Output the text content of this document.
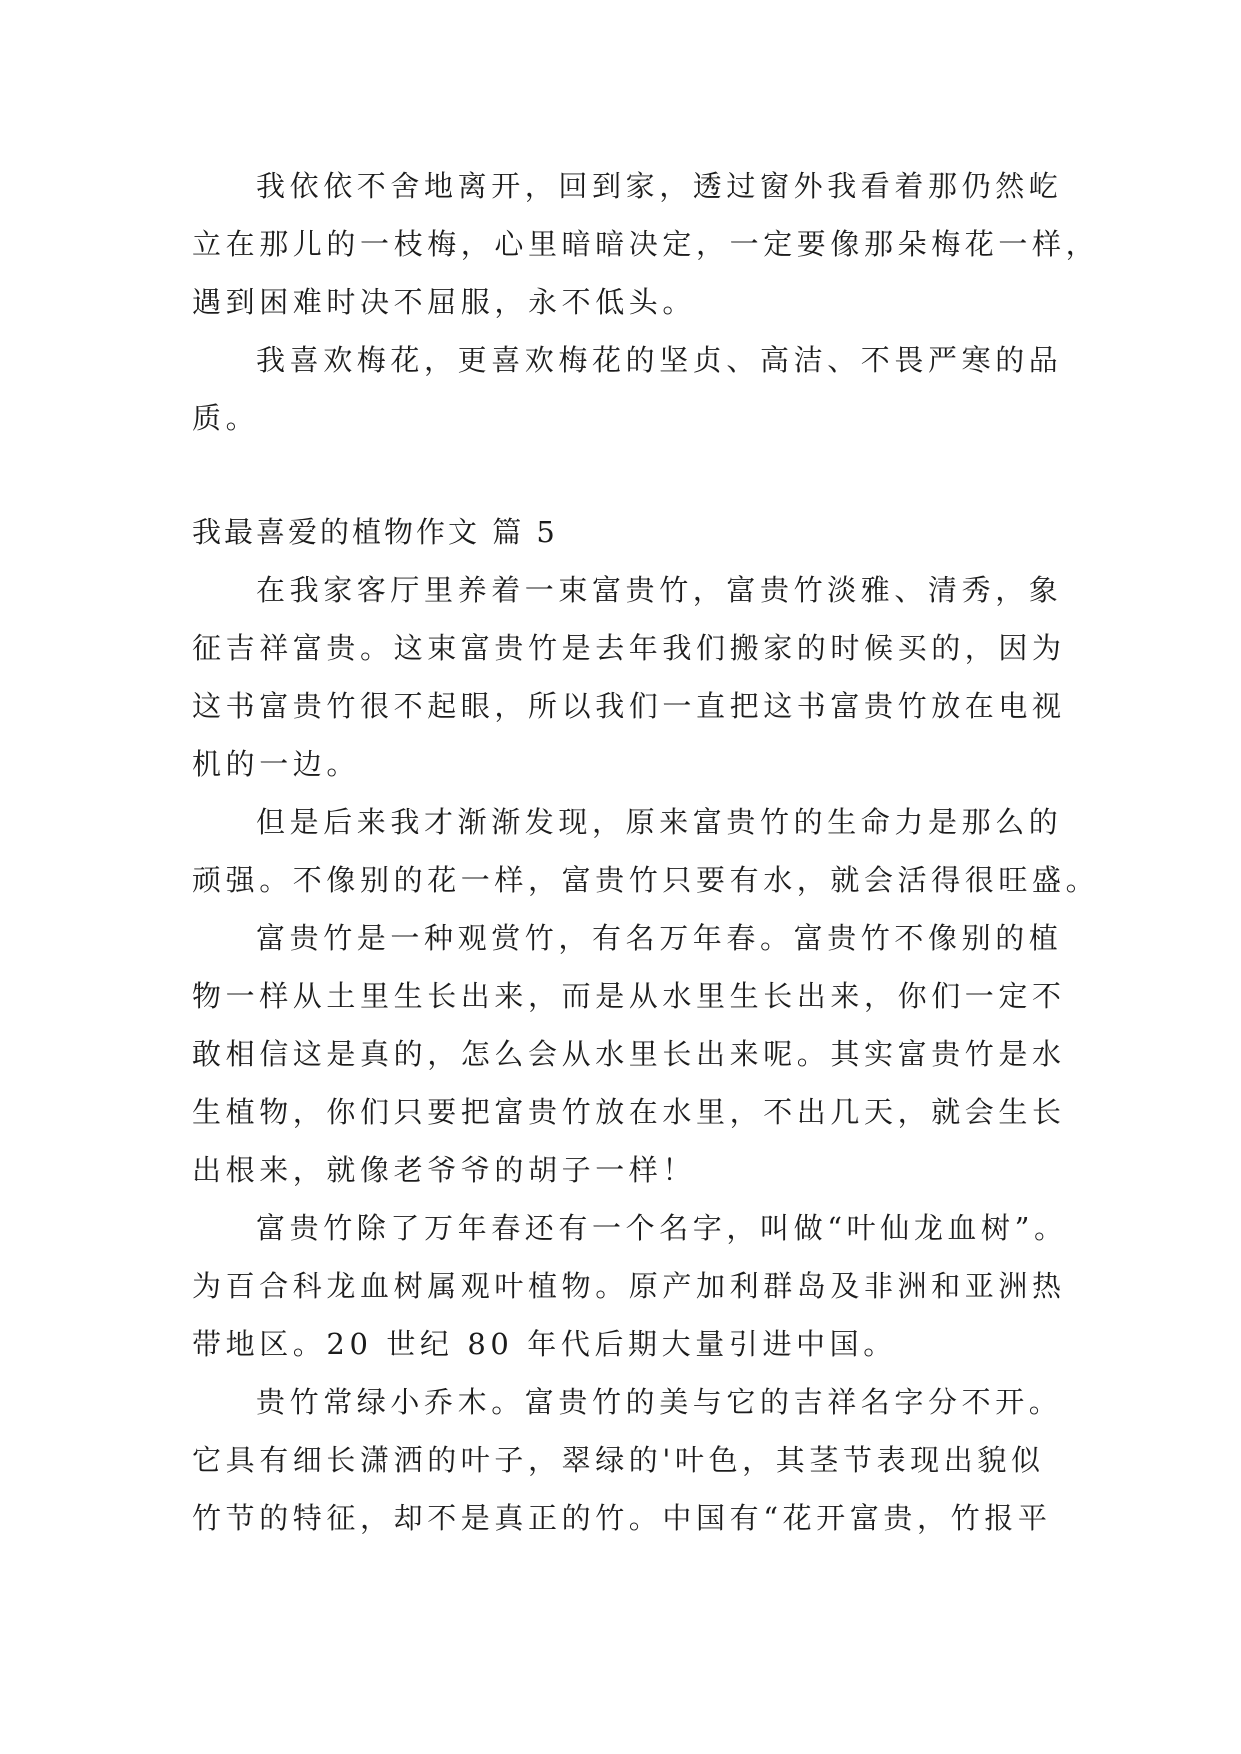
我依依不舍地离开，回到家，透过窗外我看着那仍然屹
立在那儿的一枝梅，心里暗暗决定，一定要像那朵梅花一样，
遇到困难时决不屈服，永不低头。
我喜欢梅花，更喜欢梅花的坚贞、高洁、不畏严寒的品
质。
我最喜爱的植物作文 篇 5
在我家客厅里养着一束富贵竹，富贵竹淡雅、清秀，象
征吉祥富贵。这束富贵竹是去年我们搬家的时候买的，因为
这书富贵竹很不起眼，所以我们一直把这书富贵竹放在电视
机的一边。
但是后来我才渐渐发现，原来富贵竹的生命力是那么的
顽强。不像别的花一样，富贵竹只要有水，就会活得很旺盛。
富贵竹是一种观赏竹，有名万年春。富贵竹不像别的植
物一样从土里生长出来，而是从水里生长出来，你们一定不
敢相信这是真的，怎么会从水里长出来呢。其实富贵竹是水
生植物，你们只要把富贵竹放在水里，不出几天，就会生长
出根来，就像老爷爷的胡子一样！
富贵竹除了万年春还有一个名字，叫做“叶仙龙血树”。
为百合科龙血树属观叶植物。原产加利群岛及非洲和亚洲热
带地区。20 世纪 80 年代后期大量引进中国。
贵竹常绿小乔木。富贵竹的美与它的吉祥名字分不开。
它具有细长潇洒的叶子，翠绿的'叶色，其茎节表现出貌似
竹节的特征，却不是真正的竹。中国有“花开富贵，竹报平
